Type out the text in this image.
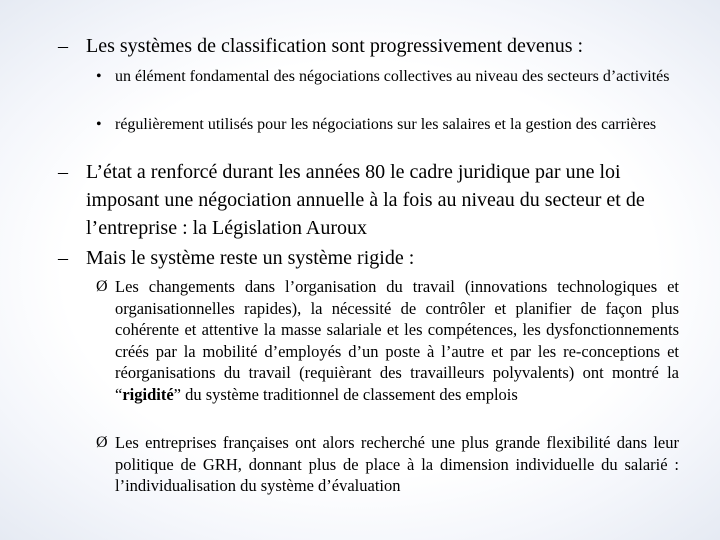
– Les systèmes de classification sont progressivement devenus :
• un élément fondamental des négociations collectives au niveau des secteurs d’activités
• régulièrement utilisés pour les négociations sur les salaires et la gestion des carrières
– L’état a renforcé durant les années 80 le cadre juridique par une loi imposant une négociation annuelle à la fois au niveau du secteur et de l’entreprise : la Législation Auroux
– Mais le système reste un système rigide :
Ø Les changements dans l’organisation du travail (innovations technologiques et organisationnelles rapides), la nécessité de contrôler et planifier de façon plus cohérente et attentive la masse salariale et les compétences, les dysfonctionnements créés par la mobilité d’employés d’un poste à l’autre et par les re-conceptions et réorganisations du travail (requièrant des travailleurs polyvalents) ont montré la “rigidité” du système traditionnel de classement des emplois
Ø Les entreprises françaises ont alors recherché une plus grande flexibilité dans leur politique de GRH, donnant plus de place à la dimension individuelle du salarié : l’individualisation du système d’évaluation
